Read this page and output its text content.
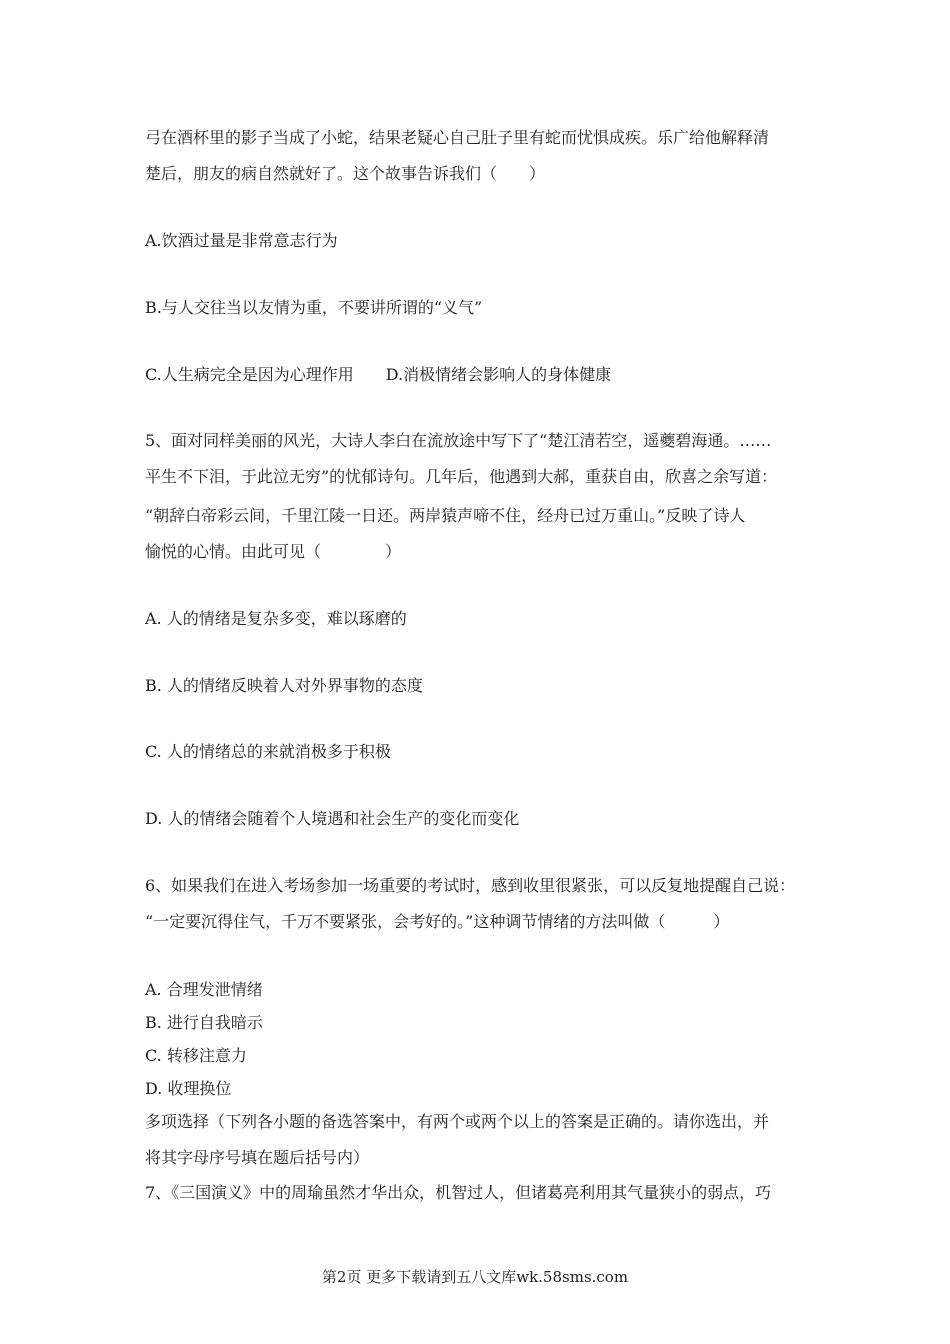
弓在酒杯里的影子当成了小蛇，结果老疑心自己肚子里有蛇而忧惧成疾。乐广给他解释清
楚后，朋友的病自然就好了。这个故事告诉我们（　　）
A.饮酒过量是非常意志行为
B.与人交往当以友情为重，不要讲所谓的“义气”
C.人生病完全是因为心理作用　　D.消极情绪会影响人的身体健康
5、面对同样美丽的风光，大诗人李白在流放途中写下了“楚江清若空，遥夔碧海通。……
平生不下泪，于此泣无穷”的忧郁诗句。几年后，他遇到大郝，重获自由，欣喜之余写道：
“朝辞白帝彩云间，千里江陵一日还。两岸猿声啼不住，经舟已过万重山。”反映了诗人
愉悦的心情。由此可见（　　　　）
A. 人的情绪是复杂多变，难以琢磨的
B. 人的情绪反映着人对外界事物的态度
C. 人的情绪总的来就消极多于积极
D. 人的情绪会随着个人境遇和社会生产的变化而变化
6、如果我们在进入考场参加一场重要的考试时，感到收里很紧张，可以反复地提醒自己说：
“一定要沉得住气，千万不要紧张，会考好的。”这种调节情绪的方法叫做（　　　）
A. 合理发泄情绪
B. 进行自我暗示
C. 转移注意力
D. 收理换位
多项选择（下列各小题的备选答案中，有两个或两个以上的答案是正确的。请你选出，并
将其字母序号填在题后括号内）
7、《三国演义》中的周瑜虽然才华出众，机智过人，但诸葛亮利用其气量狭小的弱点，巧
第2页 更多下载请到五八文库wk.58sms.com
